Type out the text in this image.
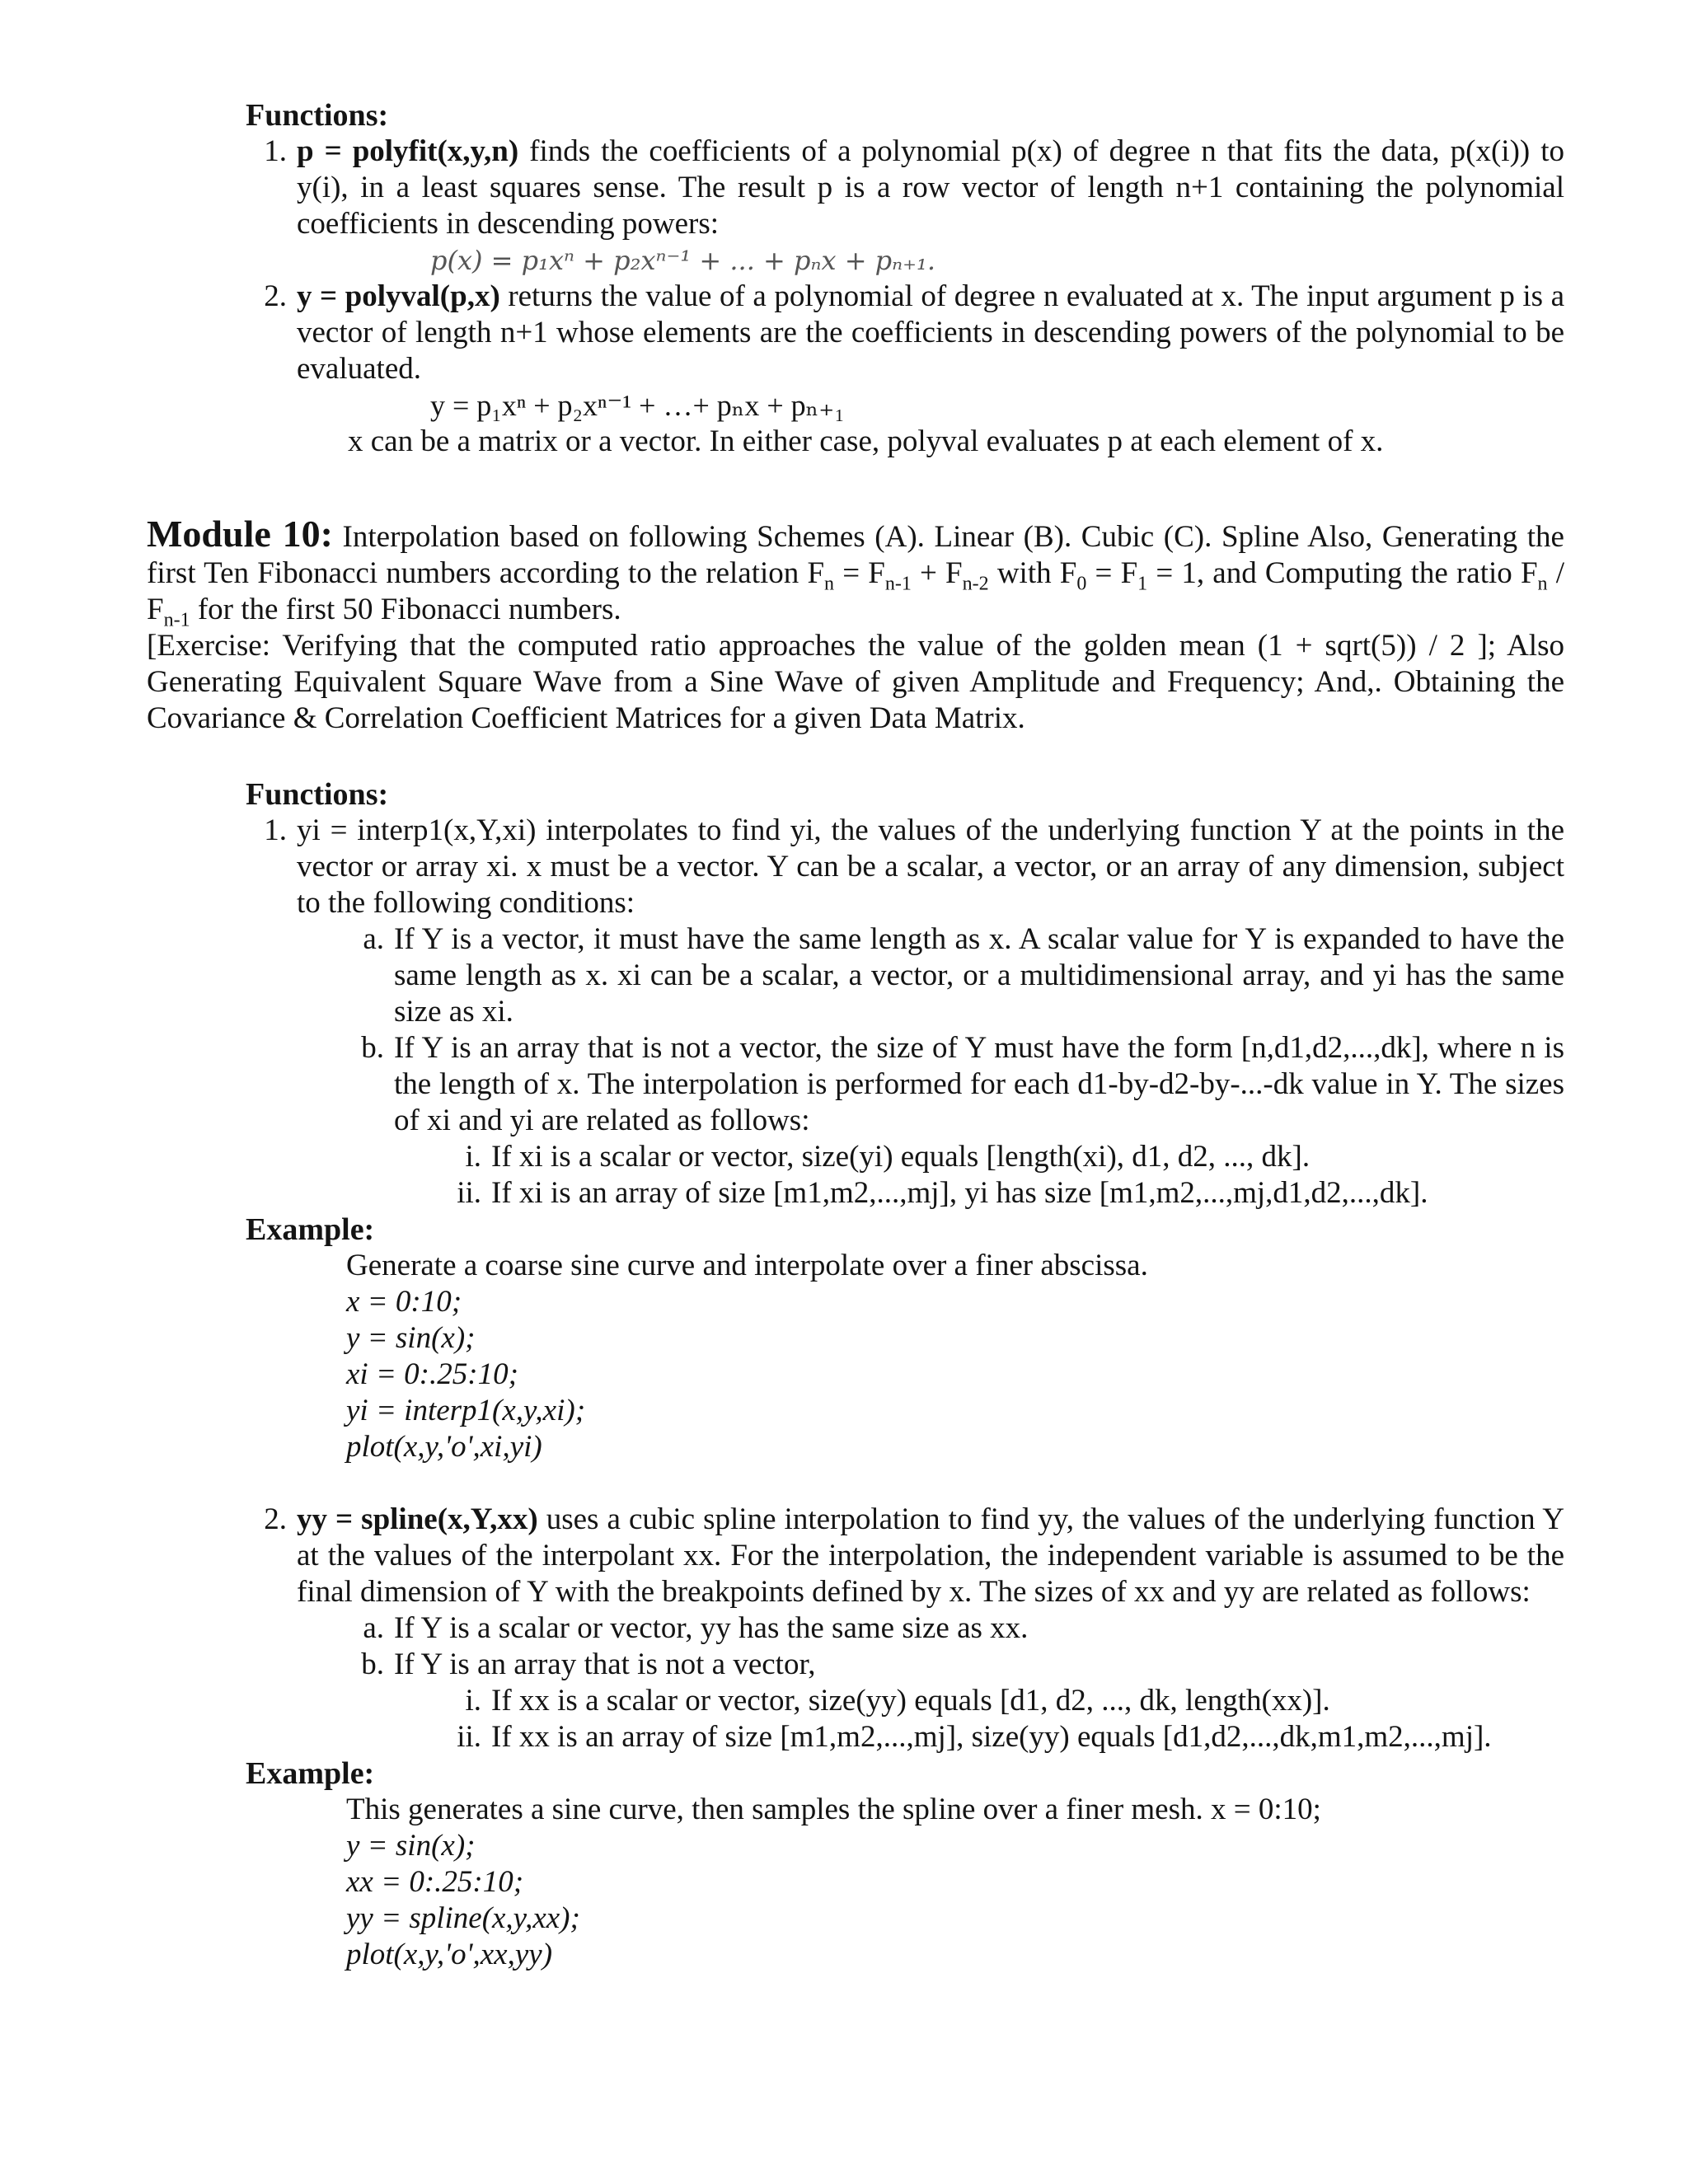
Functions:

1. p = polyfit(x,y,n) finds the coefficients of a polynomial p(x) of degree n that fits the data, p(x(i)) to y(i), in a least squares sense. The result p is a row vector of length n+1 containing the polynomial coefficients in descending powers:
p(x) = p₁xⁿ + p₂xⁿ⁻¹ + ... + pₙx + pₙ₊₁.
2. y = polyval(p,x) returns the value of a polynomial of degree n evaluated at x. The input argument p is a vector of length n+1 whose elements are the coefficients in descending powers of the polynomial to be evaluated.
y = p₁xⁿ + p₂xⁿ⁻¹ + …+ pₙx + pₙ₊₁
x can be a matrix or a vector. In either case, polyval evaluates p at each element of x.

Module 10: Interpolation based on following Schemes (A). Linear (B). Cubic (C). Spline Also, Generating the first Ten Fibonacci numbers according to the relation $F_n = F_{n-1} + F_{n-2}$ with $F_0 = F_1 = 1$, and Computing the ratio $F_n / F_{n-1}$ for the first 50 Fibonacci numbers.

[Exercise: Verifying that the computed ratio approaches the value of the golden mean (1 + sqrt(5)) / 2 ]; Also Generating Equivalent Square Wave from a Sine Wave of given Amplitude and Frequency; And,. Obtaining the Covariance & Correlation Coefficient Matrices for a given Data Matrix.

Functions:

1. yi = interp1(x,Y,xi) interpolates to find yi, the values of the underlying function Y at the points in the vector or array xi. x must be a vector. Y can be a scalar, a vector, or an array of any dimension, subject to the following conditions:
a. If Y is a vector, it must have the same length as x. A scalar value for Y is expanded to have the same length as x. xi can be a scalar, a vector, or a multidimensional array, and yi has the same size as xi.
b. If Y is an array that is not a vector, the size of Y must have the form [n,d1,d2,...,dk], where n is the length of x. The interpolation is performed for each d1-by-d2-by-...-dk value in Y. The sizes of xi and yi are related as follows:
i. If xi is a scalar or vector, size(yi) equals [length(xi), d1, d2, ..., dk].
ii. If xi is an array of size [m1,m2,...,mj], yi has size [m1,m2,...,mj,d1,d2,...,dk].

Example:

Generate a coarse sine curve and interpolate over a finer abscissa.
x = 0:10;
y = sin(x);
xi = 0:.25:10;
yi = interp1(x,y,xi);
plot(x,y,'o',xi,yi)
2. yy = spline(x,Y,xx) uses a cubic spline interpolation to find yy, the values of the underlying function Y at the values of the interpolant xx. For the interpolation, the independent variable is assumed to be the final dimension of Y with the breakpoints defined by x. The sizes of xx and yy are related as follows:
a. If Y is a scalar or vector, yy has the same size as xx.
b. If Y is an array that is not a vector,
i. If xx is a scalar or vector, size(yy) equals [d1, d2, ..., dk, length(xx)].
ii. If xx is an array of size [m1,m2,...,mj], size(yy) equals [d1,d2,...,dk,m1,m2,...,mj].

Example:

This generates a sine curve, then samples the spline over a finer mesh. x = 0:10;
y = sin(x);
xx = 0:.25:10;
yy = spline(x,y,xx);
plot(x,y,'o',xx,yy)
